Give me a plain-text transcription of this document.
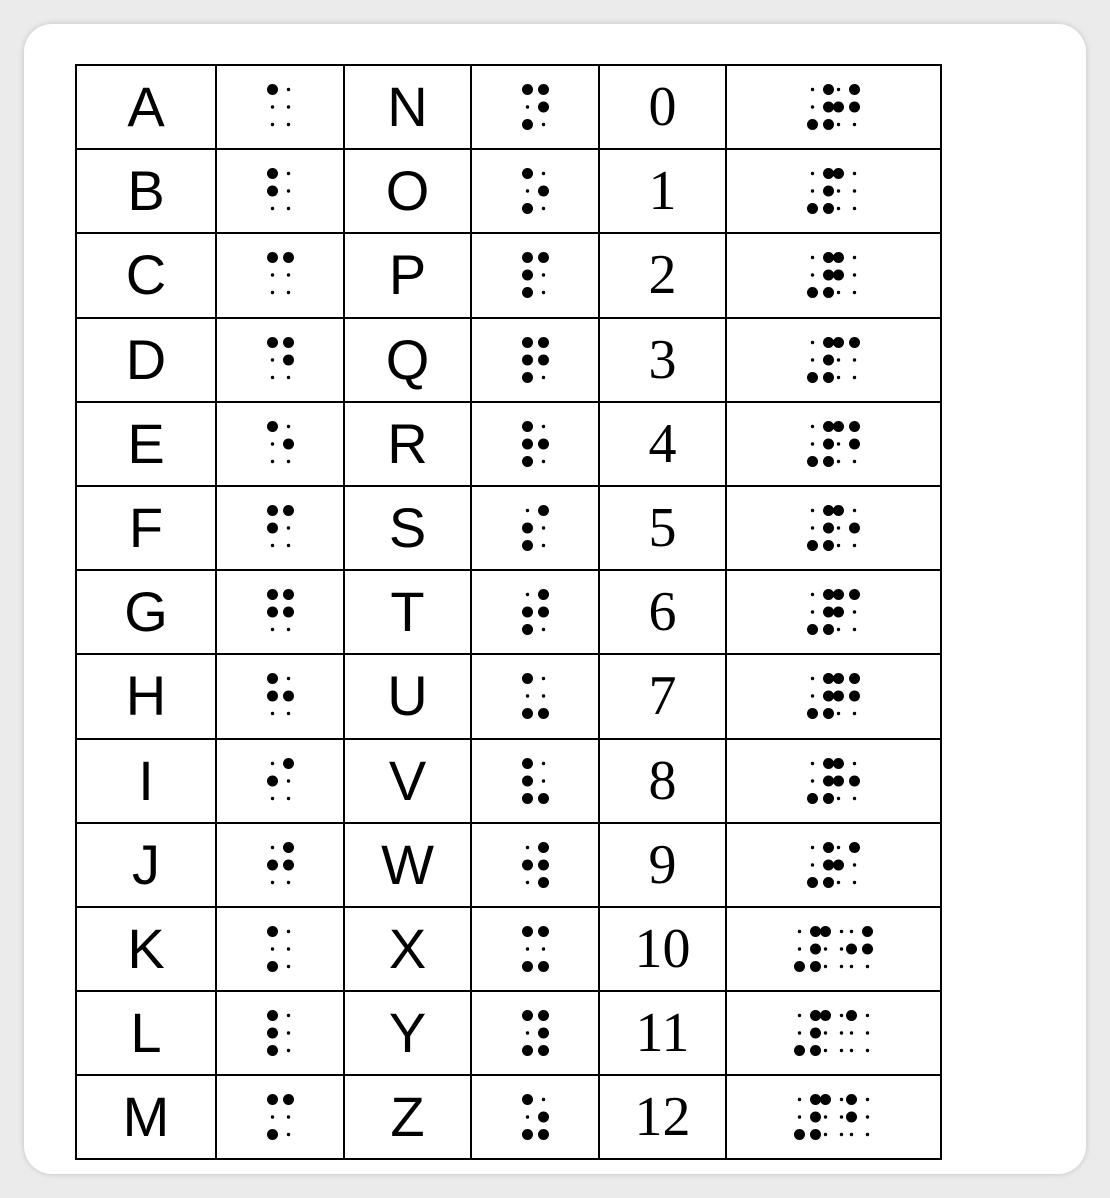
A		N		0	

B		O		1	

C		P		2	

D		Q		3	

E		R		4	

F		S		5	

G		T		6	

H		U		7	

I		V		8	

J		W		9	

K		X		10	

L		Y		11	

M		Z		12	
